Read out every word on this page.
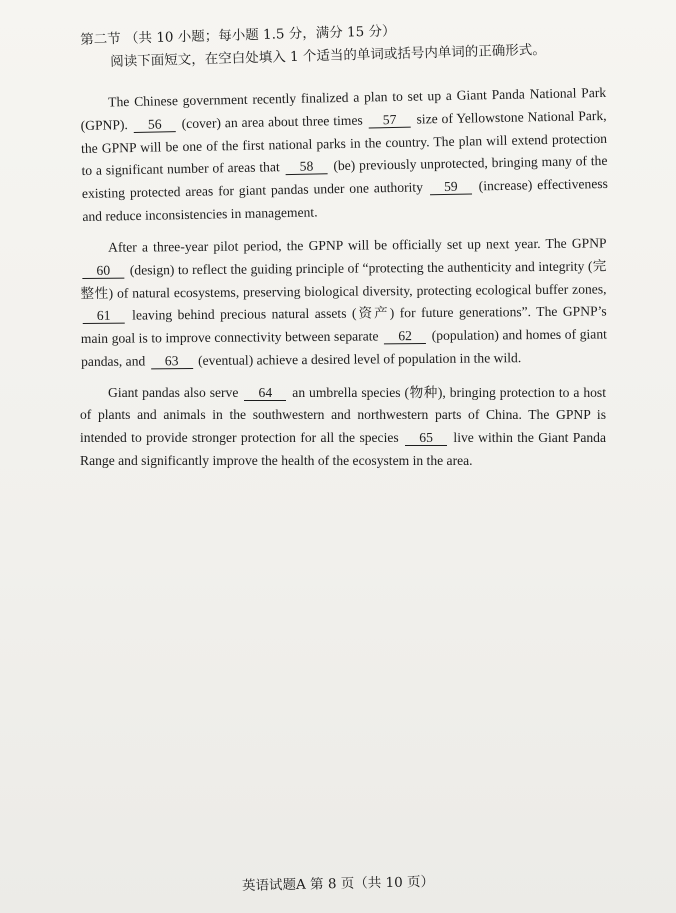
第二节 （共 10 小题；每小题 1.5 分，满分 15 分）

阅读下面短文，在空白处填入 1 个适当的单词或括号内单词的正确形式。

The Chinese government recently finalized a plan to set up a Giant Panda National Park (GPNP). 56 (cover) an area about three times 57 size of Yellowstone National Park, the GPNP will be one of the first national parks in the country. The plan will extend protection to a significant number of areas that 58 (be) previously unprotected, bringing many of the existing protected areas for giant pandas under one authority 59 (increase) effectiveness and reduce inconsistencies in management.

After a three-year pilot period, the GPNP will be officially set up next year. The GPNP 60 (design) to reflect the guiding principle of “protecting the authenticity and integrity (完整性) of natural ecosystems, preserving biological diversity, protecting ecological buffer zones, 61 leaving behind precious natural assets (资产) for future generations”. The GPNP’s main goal is to improve connectivity between separate 62 (population) and homes of giant pandas, and 63 (eventual) achieve a desired level of population in the wild.

Giant pandas also serve 64 an umbrella species (物种), bringing protection to a host of plants and animals in the southwestern and northwestern parts of China. The GPNP is intended to provide stronger protection for all the species 65 live within the Giant Panda Range and significantly improve the health of the ecosystem in the area.

英语试题A 第 8 页（共 10 页）
